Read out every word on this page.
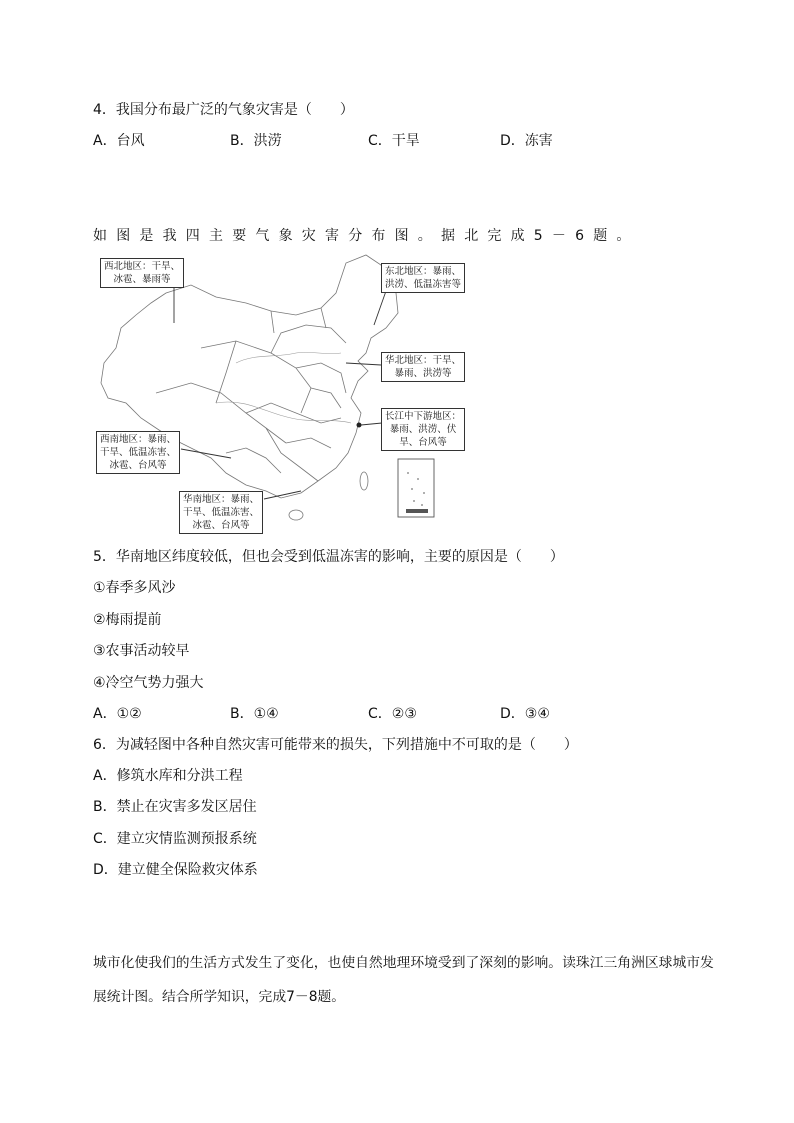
4．我国分布最广泛的气象灾害是（　　）
A．台风	B．洪涝	C．干旱	D．冻害
如图是我四主要气象灾害分布图。据北完成5－6题。
西北地区：干旱、
冰雹、暴雨等
东北地区：暴雨、
洪涝、低温冻害等
华北地区：干旱、
暴雨、洪涝等
长江中下游地区：
暴雨、洪涝、伏
旱、台风等
西南地区：暴雨、
干旱、低温冻害、
冰雹、台风等
华南地区：暴雨、
干旱、低温冻害、
冰雹、台风等
5．华南地区纬度较低，但也会受到低温冻害的影响，主要的原因是（　　）
①春季多风沙
②梅雨提前
③农事活动较早
④冷空气势力强大
A．①②	B．①④	C．②③	D．③④
6．为减轻图中各种自然灾害可能带来的损失，下列措施中不可取的是（　　）
A．修筑水库和分洪工程
B．禁止在灾害多发区居住
C．建立灾情监测预报系统
D．建立健全保险救灾体系
城市化使我们的生活方式发生了变化，也使自然地理环境受到了深刻的影响。读珠江三角洲区球城市发
展统计图。结合所学知识，完成7－8题。
